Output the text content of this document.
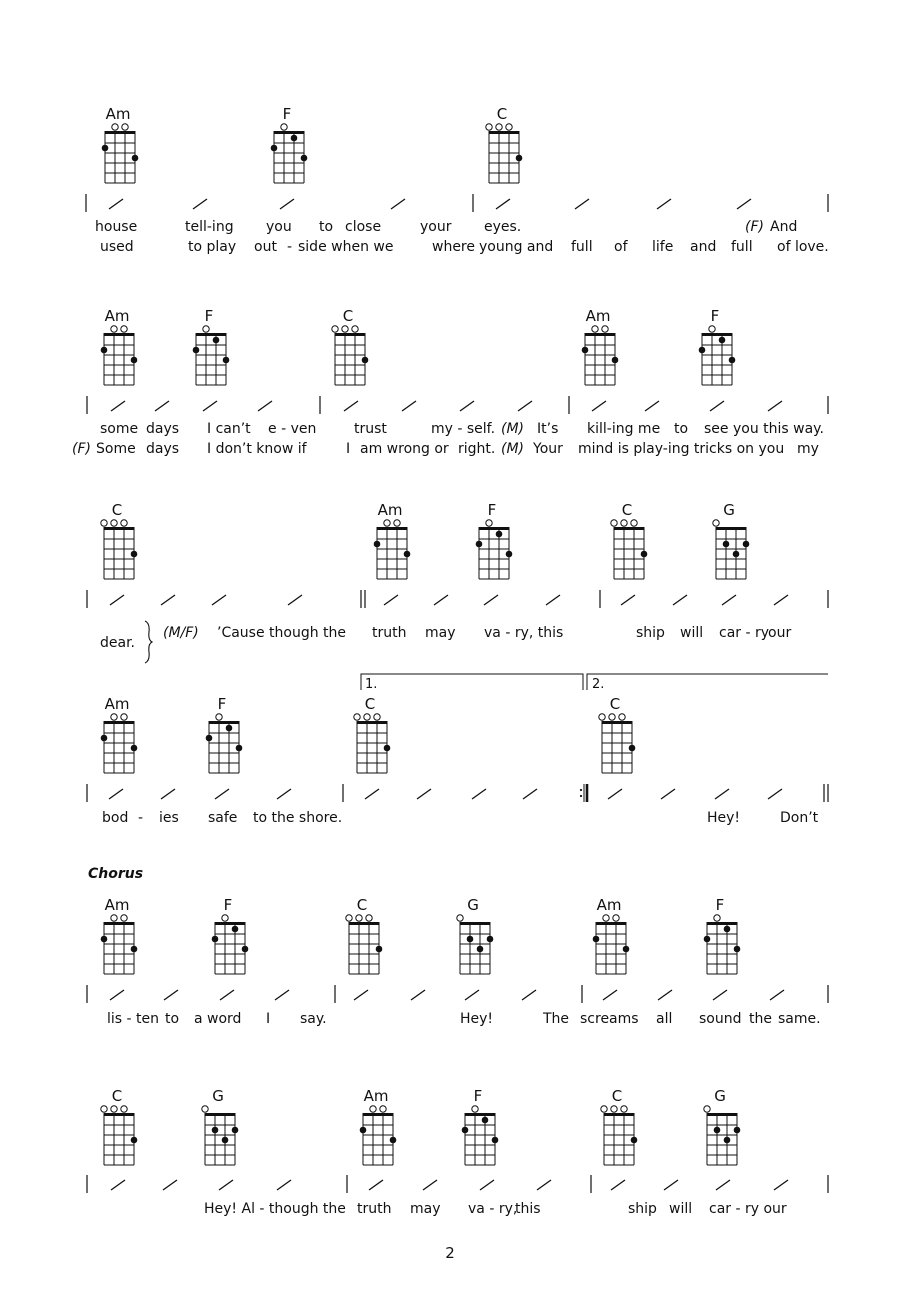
Chorus
2
Am	F	C
house	tell-ing you to close	your eyes.	(F) And
used	to play out - side when we	where young and full of life and full of love.
Am	F	C	Am	F
some days I can’t e - ven	trust	my - self. (M) It’s kill-ing me to see you this way.
(F) Some days I don’t know if	I am wrong or right. (M) Your mind is play-ing tricks on you my
C	Am	F	C	G
dear.
(M/F) ’Cause though the truth may va - ry, this	ship will car - ry
our
1.	2.
Am	F	C	C
bod - ies safe to the shore.	Hey!	Don’t
Am	F	C	G	Am	F
lis - ten to a word I say.	Hey!	The screams all sound the same.
C	G	Am	F	C	G
Hey! Al - though the truth may va - ry,
this	ship will car - ry our
